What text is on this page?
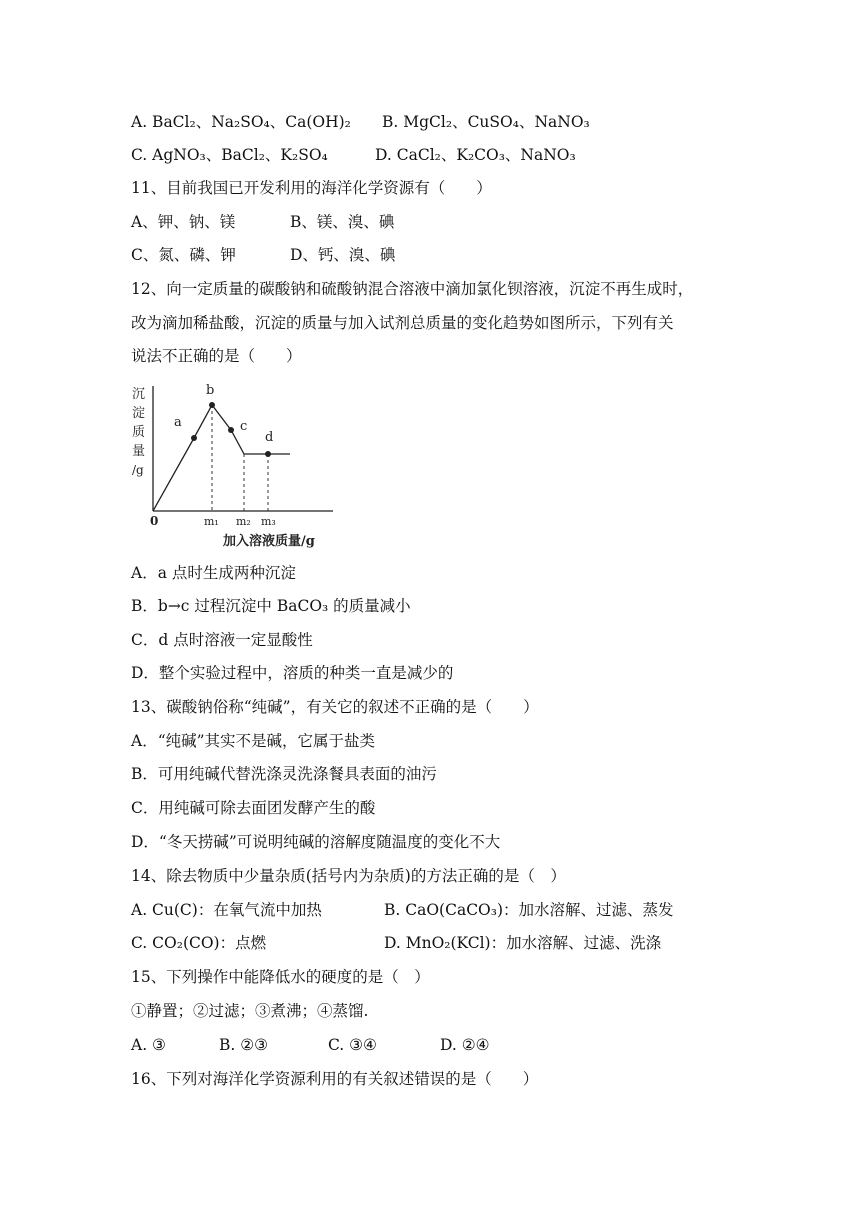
A. BaCl₂、Na₂SO₄、Ca(OH)₂ B. MgCl₂、CuSO₄、NaNO₃
C. AgNO₃、BaCl₂、K₂SO₄	D. CaCl₂、K₂CO₃、NaNO₃
11、目前我国已开发利用的海洋化学资源有（　　）
A、钾、钠、镁	B、镁、溴、碘
C、氮、磷、钾	D、钙、溴、碘
12、向一定质量的碳酸钠和硫酸钠混合溶液中滴加氯化钡溶液，沉淀不再生成时，
改为滴加稀盐酸，沉淀的质量与加入试剂总质量的变化趋势如图所示，下列有关
说法不正确的是（　　）
a
b
c
d
沉
淀
质
量
/g
0	m₁ m₂ m₃
加入溶液质量/g
A．a 点时生成两种沉淀
B．b→c 过程沉淀中 BaCO₃ 的质量减小
C．d 点时溶液一定显酸性
D．整个实验过程中，溶质的种类一直是减少的
13、碳酸钠俗称“纯碱”，有关它的叙述不正确的是（　　）
A．“纯碱”其实不是碱，它属于盐类
B．可用纯碱代替洗涤灵洗涤餐具表面的油污
C．用纯碱可除去面团发酵产生的酸
D．“冬天捞碱”可说明纯碱的溶解度随温度的变化不大
14、除去物质中少量杂质(括号内为杂质)的方法正确的是（　）
A. Cu(C)：在氧气流中加热	B. CaO(CaCO₃)：加水溶解、过滤、蒸发
C. CO₂(CO)：点燃	D. MnO₂(KCl)：加水溶解、过滤、洗涤
15、下列操作中能降低水的硬度的是（　）
①静置；②过滤；③煮沸；④蒸馏.
A. ③	B. ②③	C. ③④	D. ②④
16、下列对海洋化学资源利用的有关叙述错误的是（　　）
